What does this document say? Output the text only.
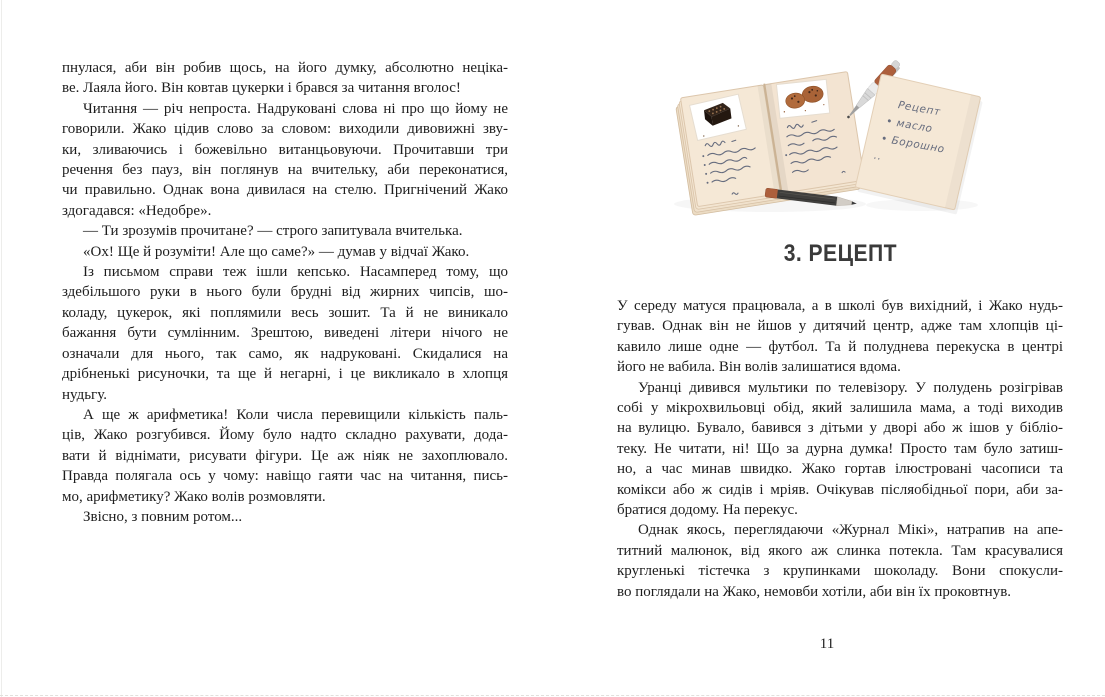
пнулася, аби він робив щось, на його думку, абсолютно неціка-
ве. Лаяла його. Він ковтав цукерки і брався за читання вголос!
Читання — річ непроста. Надруковані слова ні про що йому не
говорили. Жако цідив слово за словом: виходили дивовижні зву-
ки, зливаючись і божевільно витанцьовуючи. Прочитавши три
речення без пауз, він поглянув на вчительку, аби переконатися,
чи правильно. Однак вона дивилася на стелю. Пригнічений Жако
здогадався: «Недобре».
— Ти зрозумів прочитане? — строго запитувала вчителька.
«Ох! Ще й розуміти! Але що саме?» — думав у відчаї Жако.
Із письмом справи теж ішли кепсько. Насамперед тому, що
здебільшого руки в нього були брудні від жирних чипсів, шо-
коладу, цукерок, які поплямили весь зошит. Та й не виникало
бажання бути сумлінним. Зрештою, виведені літери нічого не
означали для нього, так само, як надруковані. Скидалися на
дрібненькі рисуночки, та ще й негарні, і це викликало в хлопця
нудьгу.
А ще ж арифметика! Коли числа перевищили кількість паль-
ців, Жако розгубився. Йому було надто складно рахувати, дода-
вати й віднімати, рисувати фігури. Це аж ніяк не захоплювало.
Правда полягала ось у чому: навіщо гаяти час на читання, пись-
мо, арифметику? Жако волів розмовляти.
Звісно, з повним ротом...
Рецепт
• масло
• Борошно
..
3. РЕЦЕПТ
У середу матуся працювала, а в школі був вихідний, і Жако нудь-
гував. Однак він не йшов у дитячий центр, адже там хлопців ці-
кавило лише одне — футбол. Та й полуднева перекуска в центрі
його не вабила. Він волів залишатися вдома.
Уранці дивився мультики по телевізору. У полудень розігрівав
собі у мікрохвильовці обід, який залишила мама, а тоді виходив
на вулицю. Бувало, бавився з дітьми у дворі або ж ішов у бібліо-
теку. Не читати, ні! Що за дурна думка! Просто там було затиш-
но, а час минав швидко. Жако гортав ілюстровані часописи та
комікси або ж сидів і мріяв. Очікував післяобідньої пори, аби за-
братися додому. На перекус.
Однак якось, переглядаючи «Журнал Мікі», натрапив на апе-
титний малюнок, від якого аж слинка потекла. Там красувалися
кругленькі тістечка з крупинками шоколаду. Вони спокусли-
во поглядали на Жако, немовби хотіли, аби він їх проковтнув.
11
